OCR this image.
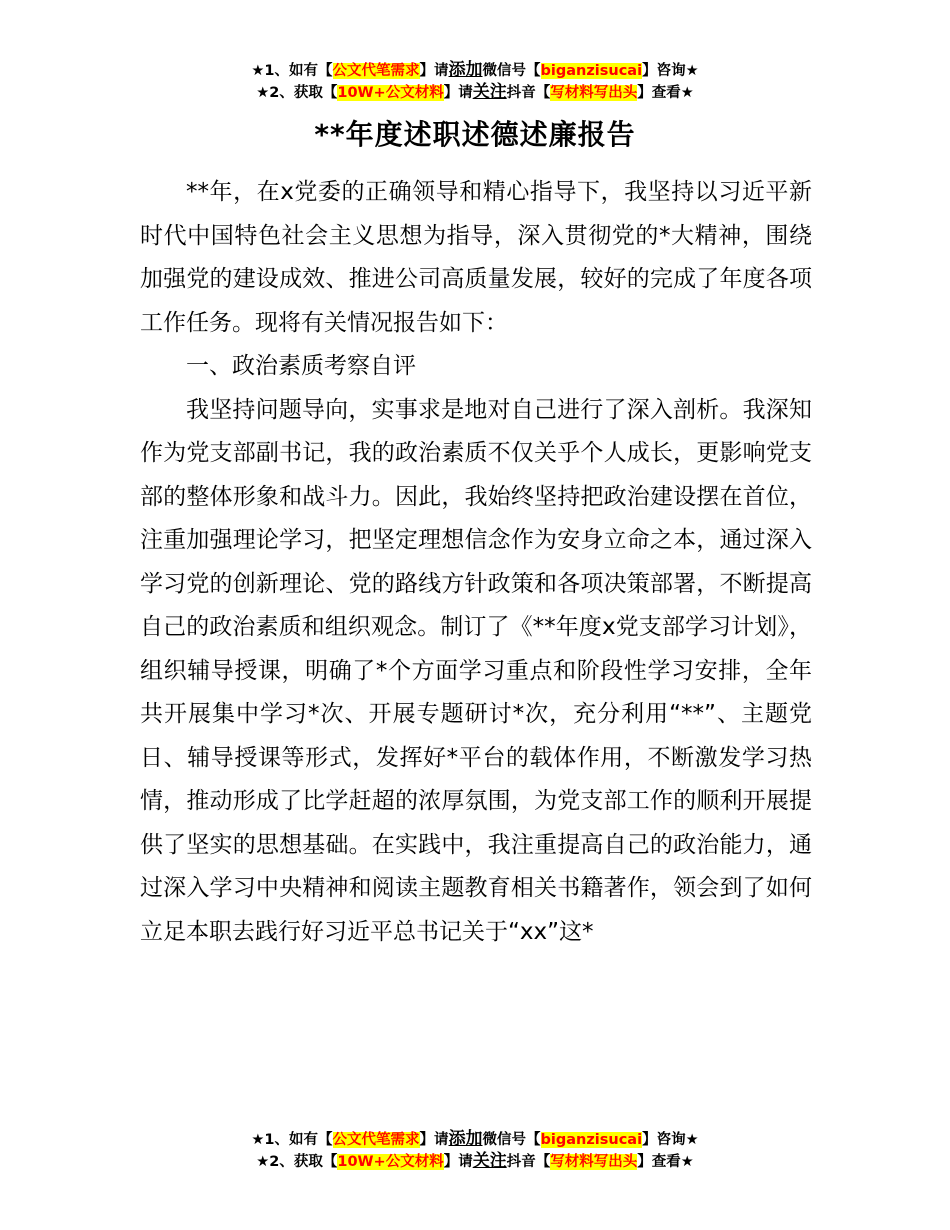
★1、如有【公文代笔需求】请添加微信号【biganzisucai】咨询★
★2、获取【10W+公文材料】请关注抖音【写材料写出头】查看★
**年度述职述德述廉报告

**年，在x党委的正确领导和精心指导下，我坚持以习近平新时代中国特色社会主义思想为指导，深入贯彻党的*大精神，围绕加强党的建设成效、推进公司高质量发展，较好的完成了年度各项工作任务。现将有关情况报告如下：

一、政治素质考察自评

我坚持问题导向，实事求是地对自己进行了深入剖析。我深知作为党支部副书记，我的政治素质不仅关乎个人成长，更影响党支部的整体形象和战斗力。因此，我始终坚持把政治建设摆在首位，注重加强理论学习，把坚定理想信念作为安身立命之本，通过深入学习党的创新理论、党的路线方针政策和各项决策部署，不断提高自己的政治素质和组织观念。制订了《**年度x党支部学习计划》，组织辅导授课，明确了*个方面学习重点和阶段性学习安排，全年共开展集中学习*次、开展专题研讨*次，充分利用“**”、主题党日、辅导授课等形式，发挥好*平台的载体作用，不断激发学习热情，推动形成了比学赶超的浓厚氛围，为党支部工作的顺利开展提供了坚实的思想基础。在实践中，我注重提高自己的政治能力，通过深入学习中央精神和阅读主题教育相关书籍著作，领会到了如何立足本职去践行好习近平总书记关于“xx”这*

★1、如有【公文代笔需求】请添加微信号【biganzisucai】咨询★
★2、获取【10W+公文材料】请关注抖音【写材料写出头】查看★
